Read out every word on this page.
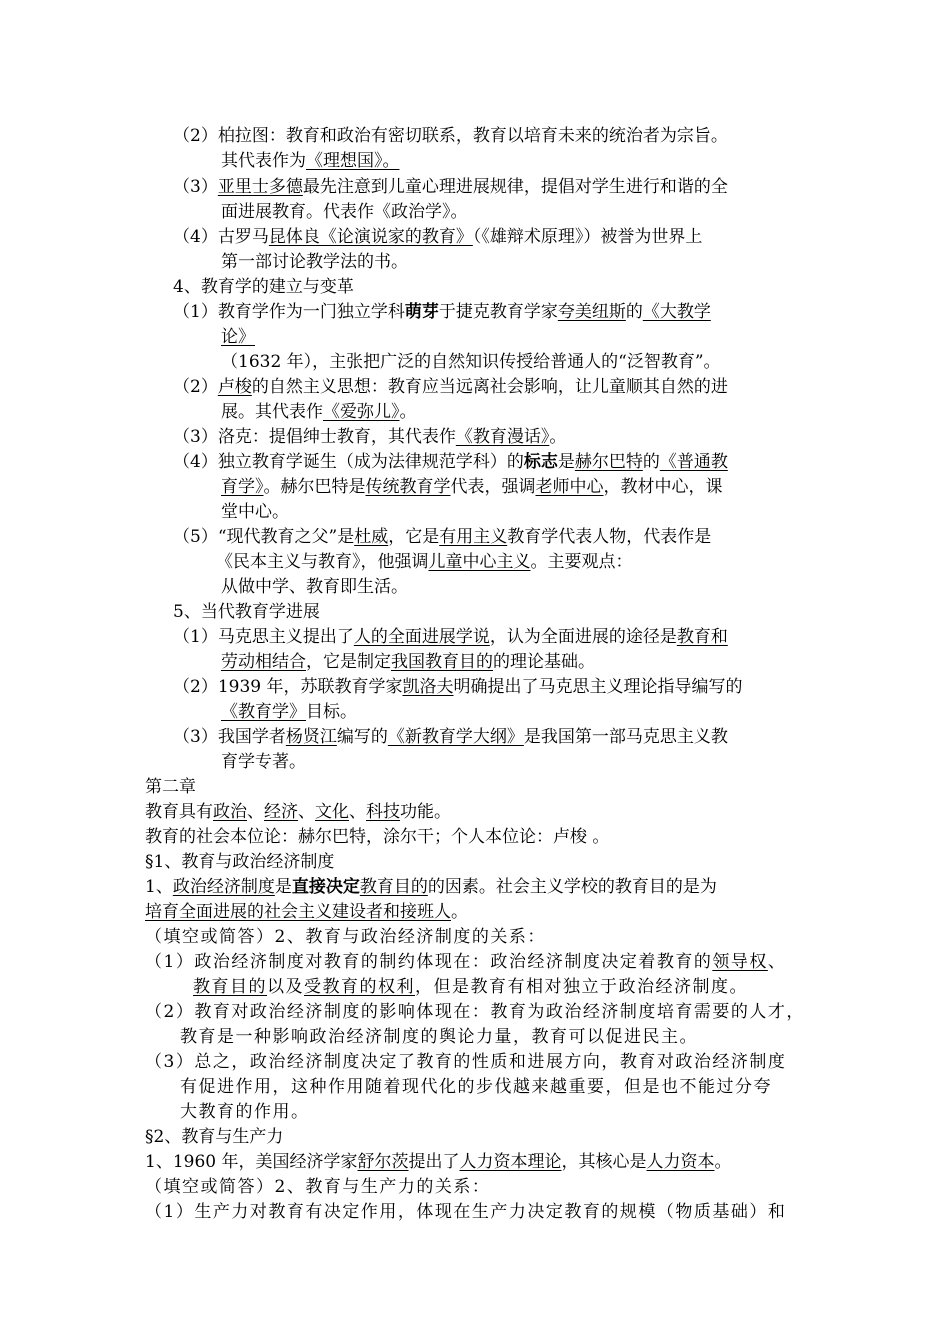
（2）柏拉图：教育和政治有密切联系，教育以培育未来的统治者为宗旨。
其代表作为《理想国》。
（3）亚里士多德最先注意到儿童心理进展规律，提倡对学生进行和谐的全
面进展教育。代表作《政治学》。
（4）古罗马昆体良《论演说家的教育》（《雄辩术原理》）被誉为世界上
第一部讨论教学法的书。
4、教育学的建立与变革
（1）教育学作为一门独立学科萌芽于捷克教育学家夸美纽斯的《大教学
论》
（1632 年），主张把广泛的自然知识传授给普通人的“泛智教育”。
（2）卢梭的自然主义思想：教育应当远离社会影响，让儿童顺其自然的进
展。其代表作《爱弥儿》。
（3）洛克：提倡绅士教育，其代表作《教育漫话》。
（4）独立教育学诞生（成为法律规范学科）的标志是赫尔巴特的《普通教
育学》。赫尔巴特是传统教育学代表，强调老师中心，教材中心，课
堂中心。
（5）“现代教育之父”是杜威，它是有用主义教育学代表人物，代表作是
《民本主义与教育》，他强调儿童中心主义。主要观点：
从做中学、教育即生活。
5、当代教育学进展
（1）马克思主义提出了人的全面进展学说，认为全面进展的途径是教育和
劳动相结合，它是制定我国教育目的的理论基础。
（2）1939 年，苏联教育学家凯洛夫明确提出了马克思主义理论指导编写的
《教育学》目标。
（3）我国学者杨贤江编写的《新教育学大纲》是我国第一部马克思主义教
育学专著。
第二章
教育具有政治、经济、文化、科技功能。
教育的社会本位论：赫尔巴特，涂尔干；个人本位论：卢梭 。
§1、教育与政治经济制度
1、政治经济制度是直接决定教育目的的因素。社会主义学校的教育目的是为
培育全面进展的社会主义建设者和接班人。
（填空或简答）2、教育与政治经济制度的关系：
（1）政治经济制度对教育的制约体现在：政治经济制度决定着教育的领导权、
教育目的以及受教育的权利，但是教育有相对独立于政治经济制度。
（2）教育对政治经济制度的影响体现在：教育为政治经济制度培育需要的人才，
教育是一种影响政治经济制度的舆论力量，教育可以促进民主。
（3）总之，政治经济制度决定了教育的性质和进展方向，教育对政治经济制度
有促进作用，这种作用随着现代化的步伐越来越重要，但是也不能过分夸
大教育的作用。
§2、教育与生产力
1、1960 年，美国经济学家舒尔茨提出了人力资本理论，其核心是人力资本。
（填空或简答）2、教育与生产力的关系：
（1）生产力对教育有决定作用，体现在生产力决定教育的规模（物质基础）和
